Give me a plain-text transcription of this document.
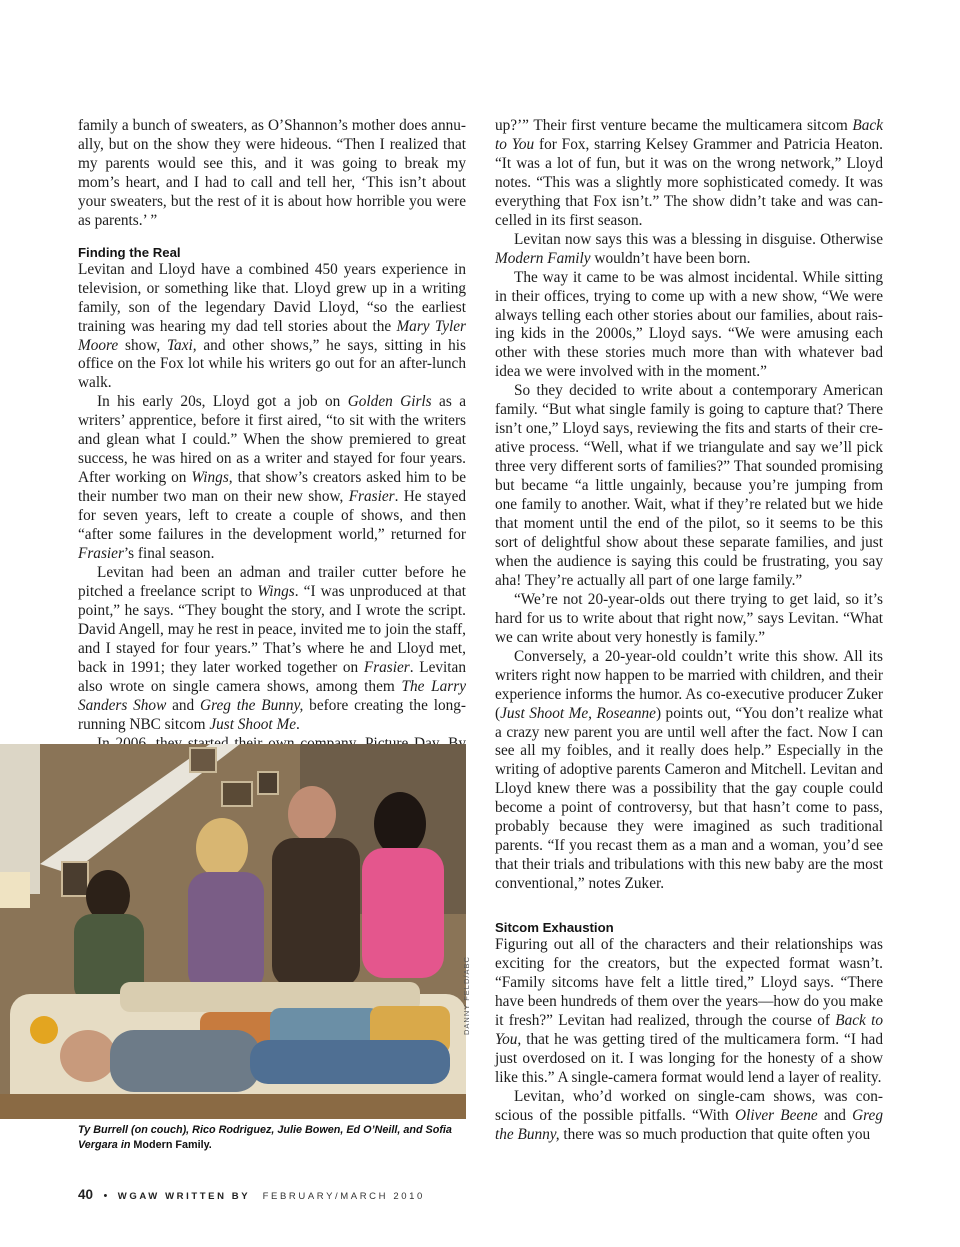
family a bunch of sweaters, as O’Shannon’s mother does annually, but on the show they were hideous. “Then I realized that my parents would see this, and it was going to break my mom’s heart, and I had to call and tell her, ‘This isn’t about your sweaters, but the rest of it is about how horrible you were as parents.’ ”

Finding the Real

Levitan and Lloyd have a combined 450 years experience in television, or something like that. Lloyd grew up in a writing family, son of the legendary David Lloyd, “so the earliest training was hearing my dad tell stories about the Mary Tyler Moore show, Taxi, and other shows,” he says, sitting in his office on the Fox lot while his writers go out for an after-lunch walk.

In his early 20s, Lloyd got a job on Golden Girls as a writers’ apprentice, before it first aired, “to sit with the writers and glean what I could.” When the show premiered to great success, he was hired on as a writer and stayed for four years. After working on Wings, that show’s creators asked him to be their number two man on their new show, Frasier. He stayed for seven years, left to create a couple of shows, and then “after some failures in the development world,” returned for Frasier’s final season.

Levitan had been an adman and trailer cutter before he pitched a freelance script to Wings. “I was unproduced at that point,” he says. “They bought the story, and I wrote the script. David Angell, may he rest in peace, invited me to join the staff, and I stayed for four years.” That’s where he and Lloyd met, back in 1991; they later worked together on Frasier. Levitan also wrote on single camera shows, among them The Larry Sanders Show and Greg the Bunny, before creating the long-running NBC sitcom Just Shoot Me.

up?’” Their first venture became the multicamera sitcom Back to You for Fox, starring Kelsey Grammer and Patricia Heaton. “It was a lot of fun, but it was on the wrong network,” Lloyd notes. “This was a slightly more sophisticated comedy. It was everything that Fox isn’t.” The show didn’t take and was cancelled in its first season.

Levitan now says this was a blessing in disguise. Otherwise Modern Family wouldn’t have been born.

The way it came to be was almost incidental. While sitting in their offices, trying to come up with a new show, “We were always telling each other stories about our families, about raising kids in the 2000s,” Lloyd says. “We were amusing each other with these stories much more than with whatever bad idea we were involved with in the moment.”

So they decided to write about a contemporary American family. “But what single family is going to capture that? There isn’t one,” Lloyd says, reviewing the fits and starts of their creative process. “Well, what if we triangulate and say we’ll pick three very different sorts of families?” That sounded promising but became “a little ungainly, because you’re jumping from one family to another. Wait, what if they’re related but we hide that moment until the end of the pilot, so it seems to be this sort of delightful show about these separate families, and just when the audience is saying this could be frustrating, you say aha! They’re actually all part of one large family.”

“We’re not 20-year-olds out there trying to get laid, so it’s hard for us to write about that right now,” says Levitan. “What we can write about very honestly is family.”

Conversely, a 20-year-old couldn’t write this show. All its writers right now happen to be married with children, and their experience informs the humor. As co-executive producer Zuker (Just Shoot Me, Roseanne) points out, “You don’t realize what a crazy new parent you are until well after the fact. Now I can see all my foibles, and it really does help.” Especially in the writing of adoptive parents Cameron and Mitchell. Levitan and Lloyd knew there was a possibility that the gay couple could become a point of controversy, but that hasn’t come to pass, probably because they were imagined as such traditional parents. “If you recast them as a man and a woman, you’d see that their trials and tribulations with this new baby are the most conventional,” notes Zuker.

Sitcom Exhaustion

Figuring out all of the characters and their relationships was exciting for the creators, but the expected format wasn’t. “Family sitcoms have felt a little tired,” Lloyd says. “There have been hundreds of them over the years—how do you make it fresh?” Levitan had realized, through the course of Back to You, that he was getting tired of the multicamera form. “I had just overdosed on it. I was longing for the honesty of a show like this.” A single-camera format would lend a layer of reality.

Levitan, who’d worked on single-cam shows, was conscious of the possible pitfalls. “With Oliver Beene and Greg the Bunny, there was so much production that quite often you

DANNY FELD/ABC
Ty Burrell (on couch), Rico Rodriguez, Julie Bowen, Ed O’Neill, and Sofia Vergara in Modern Family.
40 • WGAW WRITTEN BY FEBRUARY/MARCH 2010
